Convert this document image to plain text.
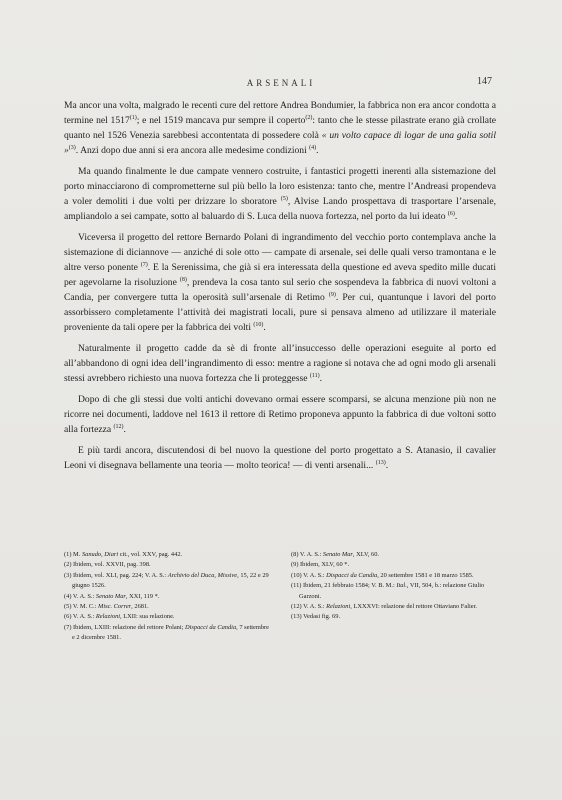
ARSENALI	147

Ma ancor una volta, malgrado le recenti cure del rettore Andrea Bondumier, la fabbrica non era ancor condotta a termine nel 1517$^{(1)}$; e nel 1519 mancava pur sempre il coperto$^{(2)}$: tanto che le stesse pilastrate erano già crollate quanto nel 1526 Venezia sarebbesi accontentata di possedere colà « un volto capace di logar de una galia sotil »$^{(3)}$. Anzi dopo due anni si era ancora alle medesime condizioni $^{(4)}$.

Ma quando finalmente le due campate vennero costruite, i fantastici progetti inerenti alla sistemazione del porto minacciarono di comprometterne sul più bello la loro esistenza: tanto che, mentre l’Andreasi propendeva a voler demoliti i due volti per drizzare lo sboratore $^{(5)}$, Alvise Lando prospettava di trasportare l’arsenale, ampliandolo a sei campate, sotto al baluardo di S. Luca della nuova fortezza, nel porto da lui ideato $^{(6)}$.

Viceversa il progetto del rettore Bernardo Polani di ingrandimento del vecchio porto contemplava anche la sistemazione di diciannove — anziché di sole otto — campate di arsenale, sei delle quali verso tramontana e le altre verso ponente $^{(7)}$. E la Serenissima, che già si era interessata della questione ed aveva spedito mille ducati per agevolarne la risoluzione $^{(8)}$, prendeva la cosa tanto sul serio che sospendeva la fabbrica di nuovi voltoni a Candia, per convergere tutta la operosità sull’arsenale di Retimo $^{(9)}$. Per cui, quantunque i lavori del porto assorbissero completamente l’attività dei magistrati locali, pure si pensava almeno ad utilizzare il materiale proveniente da tali opere per la fabbrica dei volti $^{(10)}$.

Naturalmente il progetto cadde da sè di fronte all’insuccesso delle operazioni eseguite al porto ed all’abbandono di ogni idea dell’ingrandimento di esso: mentre a ragione si notava che ad ogni modo gli arsenali stessi avrebbero richiesto una nuova fortezza che li proteggesse $^{(11)}$.

Dopo di che gli stessi due volti antichi dovevano ormai essere scomparsi, se alcuna menzione più non ne ricorre nei documenti, laddove nel 1613 il rettore di Retimo proponeva appunto la fabbrica di due voltoni sotto alla fortezza $^{(12)}$.

E più tardi ancora, discutendosi di bel nuovo la questione del porto progettato a S. Atanasio, il cavalier Leoni vi disegnava bellamente una teoria — molto teorica! — di venti arsenali... $^{(13)}$.

(1) M. Sanudo, Diari cit., vol. XXV, pag. 442.
(2) Ibidem, vol. XXVII, pag. 398.
(3) Ibidem, vol. XLI, pag. 224; V. A. S.: Archivio del Duca, Missive, 15, 22 e 29 giugno 1526.
(4) V. A. S.: Senato Mar, XXI, 119 *.
(5) V. M. C.: Misc. Correr, 2681.
(6) V. A. S.: Relazioni, LXII: sua relazione.
(7) Ibidem, LXIII: relazione del rettore Polani; Dispacci da Candia, 7 settembre e 2 dicembre 1581.
(8) V. A. S.: Senato Mar, XLV, 60.
(9) Ibidem, XLV, 60 *.
(10) V. A. S.: Dispacci da Candia, 20 settembre 1581 e 18 marzo 1585.
(11) Ibidem, 21 febbraio 1584; V. B. M.: Ital., VII, 504, b.: relazione Giulio Garzoni.
(12) V. A. S.: Relazioni, LXXXVI: relazione del rettore Ottaviano Falier.
(13) Vedasi fig. 69.
